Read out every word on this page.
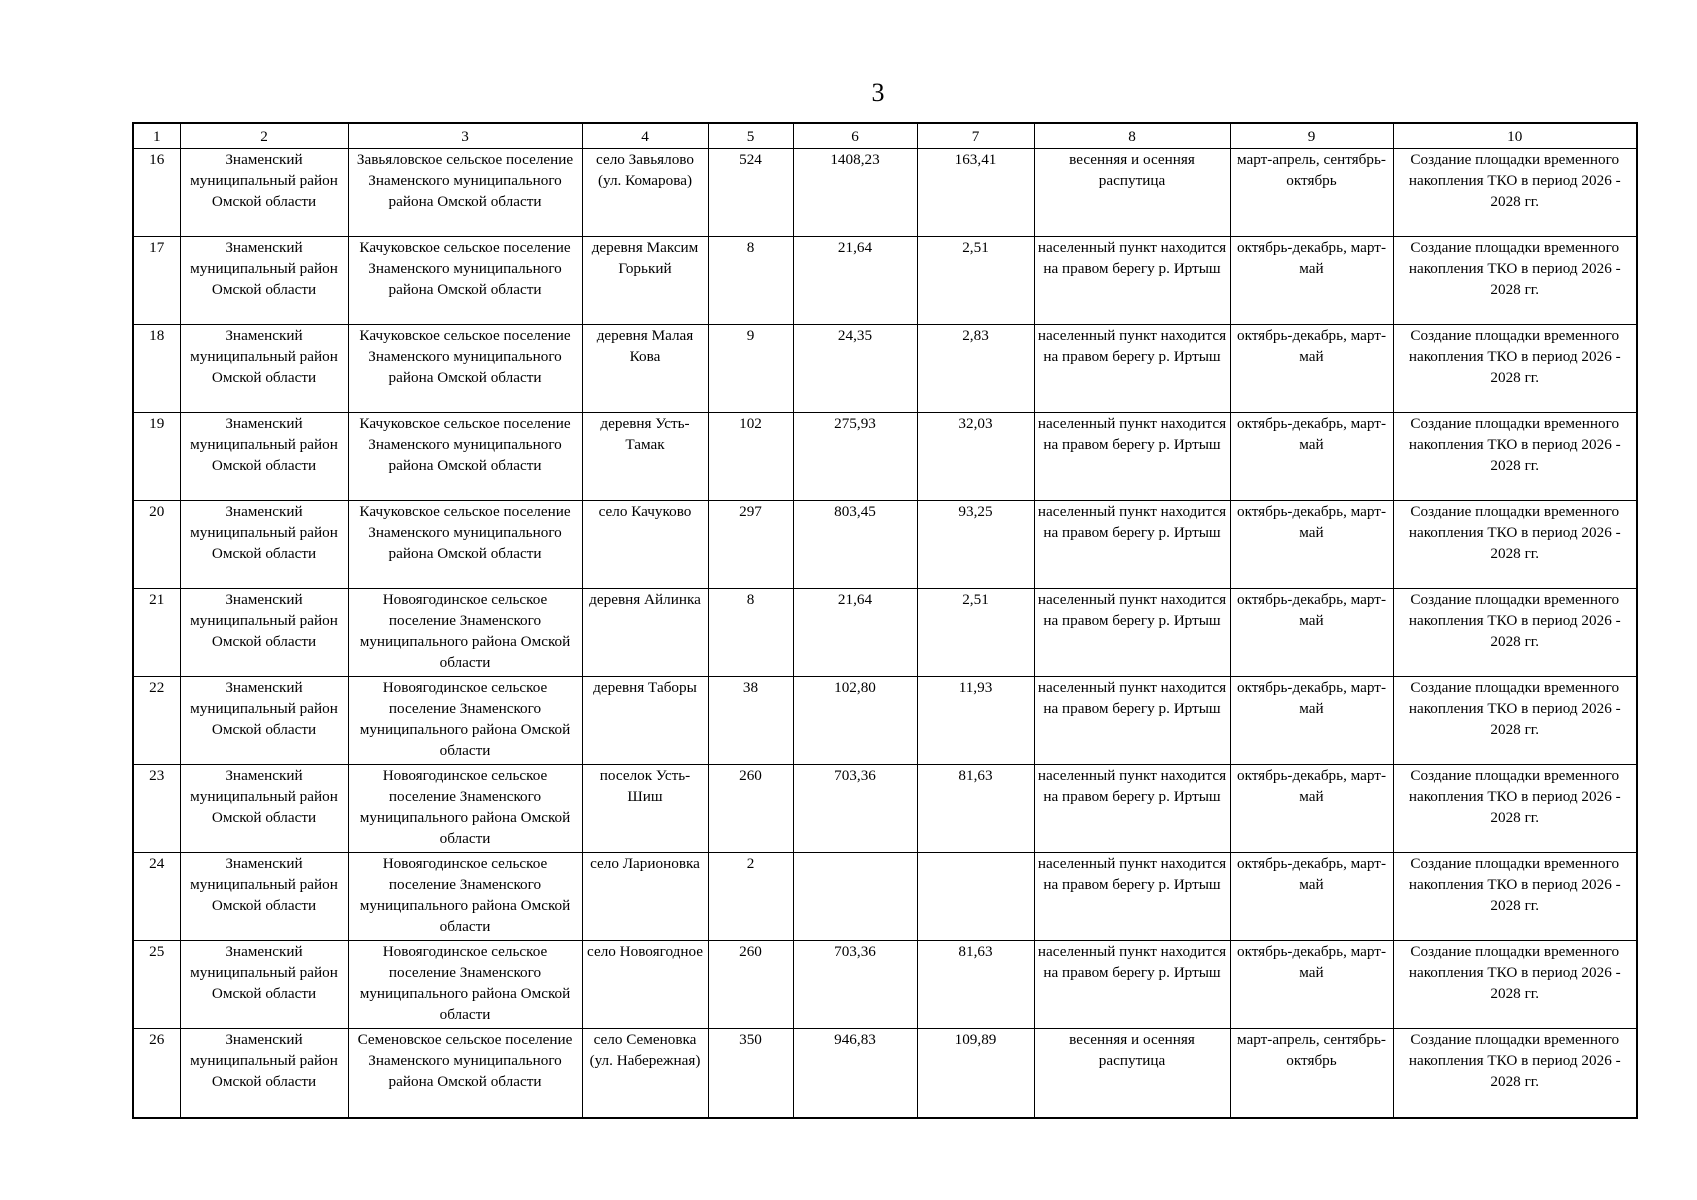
3
1	2	3	4	5	6	7	8	9	10
16	Знаменский муниципальный район Омской области	Завьяловское сельское поселение Знаменского муниципального района Омской области	село Завьялово (ул. Комарова)	524	1408,23	163,41	весенняя и осенняя распутица	март-апрель, сентябрь-октябрь	Создание площадки временного накопления ТКО в период 2026 - 2028 гг.
17	Знаменский муниципальный район Омской области	Качуковское сельское поселение Знаменского муниципального района Омской области	деревня Максим Горький	8	21,64	2,51	населенный пункт находится на правом берегу р. Иртыш	октябрь-декабрь, март-май	Создание площадки временного накопления ТКО в период 2026 - 2028 гг.
18	Знаменский муниципальный район Омской области	Качуковское сельское поселение Знаменского муниципального района Омской области	деревня Малая Кова	9	24,35	2,83	населенный пункт находится на правом берегу р. Иртыш	октябрь-декабрь, март-май	Создание площадки временного накопления ТКО в период 2026 - 2028 гг.
19	Знаменский муниципальный район Омской области	Качуковское сельское поселение Знаменского муниципального района Омской области	деревня Усть-Тамак	102	275,93	32,03	населенный пункт находится на правом берегу р. Иртыш	октябрь-декабрь, март-май	Создание площадки временного накопления ТКО в период 2026 - 2028 гг.
20	Знаменский муниципальный район Омской области	Качуковское сельское поселение Знаменского муниципального района Омской области	село Качуково	297	803,45	93,25	населенный пункт находится на правом берегу р. Иртыш	октябрь-декабрь, март-май	Создание площадки временного накопления ТКО в период 2026 - 2028 гг.
21	Знаменский муниципальный район Омской области	Новоягодинское сельское поселение Знаменского муниципального района Омской области	деревня Айлинка	8	21,64	2,51	населенный пункт находится на правом берегу р. Иртыш	октябрь-декабрь, март-май	Создание площадки временного накопления ТКО в период 2026 - 2028 гг.
22	Знаменский муниципальный район Омской области	Новоягодинское сельское поселение Знаменского муниципального района Омской области	деревня Таборы	38	102,80	11,93	населенный пункт находится на правом берегу р. Иртыш	октябрь-декабрь, март-май	Создание площадки временного накопления ТКО в период 2026 - 2028 гг.
23	Знаменский муниципальный район Омской области	Новоягодинское сельское поселение Знаменского муниципального района Омской области	поселок Усть-Шиш	260	703,36	81,63	населенный пункт находится на правом берегу р. Иртыш	октябрь-декабрь, март-май	Создание площадки временного накопления ТКО в период 2026 - 2028 гг.
24	Знаменский муниципальный район Омской области	Новоягодинское сельское поселение Знаменского муниципального района Омской области	село Ларионовка	2			населенный пункт находится на правом берегу р. Иртыш	октябрь-декабрь, март-май	Создание площадки временного накопления ТКО в период 2026 - 2028 гг.
25	Знаменский муниципальный район Омской области	Новоягодинское сельское поселение Знаменского муниципального района Омской области	село Новоягодное	260	703,36	81,63	населенный пункт находится на правом берегу р. Иртыш	октябрь-декабрь, март-май	Создание площадки временного накопления ТКО в период 2026 - 2028 гг.
26	Знаменский муниципальный район Омской области	Семеновское сельское поселение Знаменского муниципального района Омской области	село Семеновка (ул. Набережная)	350	946,83	109,89	весенняя и осенняя распутица	март-апрель, сентябрь-октябрь	Создание площадки временного накопления ТКО в период 2026 - 2028 гг.
